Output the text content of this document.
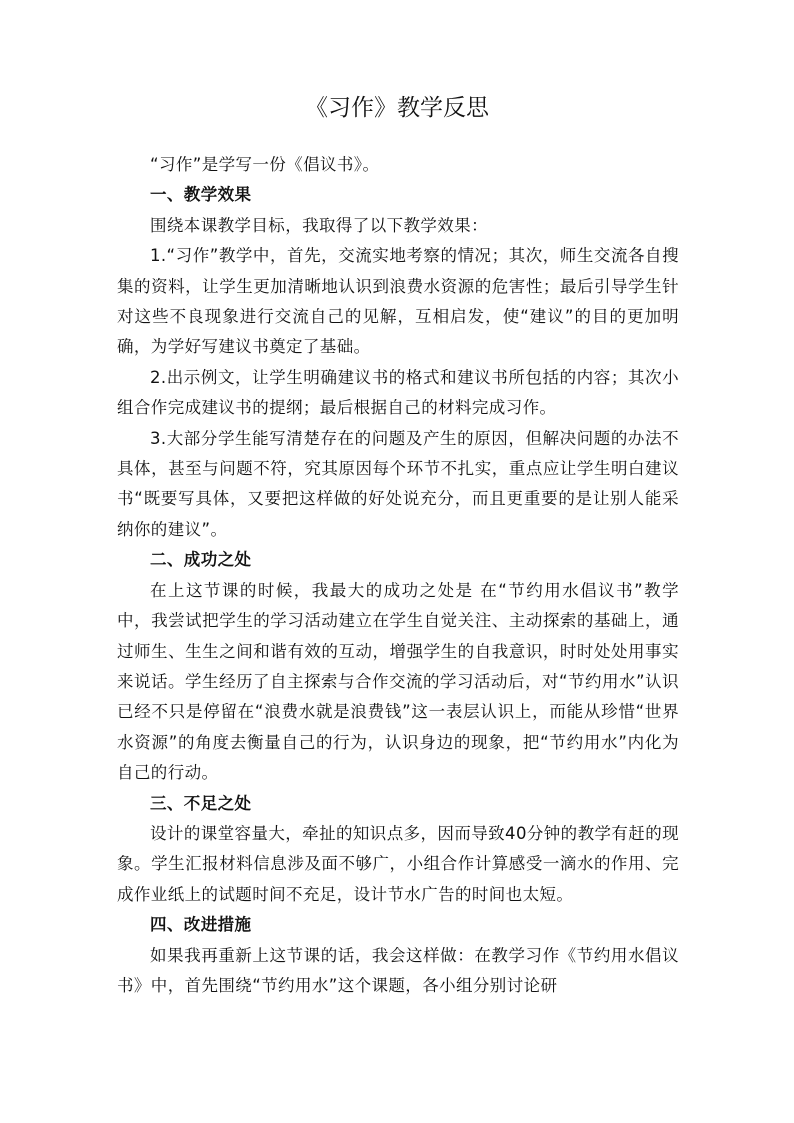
《习作》教学反思

“习作”是学写一份《倡议书》。

一、教学效果

围绕本课教学目标，我取得了以下教学效果：

1.“习作”教学中，首先，交流实地考察的情况；其次，师生交流各自搜集的资料，让学生更加清晰地认识到浪费水资源的危害性；最后引导学生针对这些不良现象进行交流自己的见解，互相启发，使“建议”的目的更加明确，为学好写建议书奠定了基础。

2.出示例文，让学生明确建议书的格式和建议书所包括的内容；其次小组合作完成建议书的提纲；最后根据自己的材料完成习作。

3.大部分学生能写清楚存在的问题及产生的原因，但解决问题的办法不具体，甚至与问题不符，究其原因每个环节不扎实，重点应让学生明白建议书“既要写具体，又要把这样做的好处说充分，而且更重要的是让别人能采纳你的建议”。

二、成功之处

在上这节课的时候，我最大的成功之处是 在“节约用水倡议书”教学中，我尝试把学生的学习活动建立在学生自觉关注、主动探索的基础上，通过师生、生生之间和谐有效的互动，增强学生的自我意识，时时处处用事实来说话。学生经历了自主探索与合作交流的学习活动后，对“节约用水”认识已经不只是停留在“浪费水就是浪费钱”这一表层认识上，而能从珍惜“世界水资源”的角度去衡量自己的行为，认识身边的现象，把“节约用水”内化为自己的行动。

三、不足之处

设计的课堂容量大，牵扯的知识点多，因而导致40分钟的教学有赶的现象。学生汇报材料信息涉及面不够广，小组合作计算感受一滴水的作用、完成作业纸上的试题时间不充足，设计节水广告的时间也太短。

四、改进措施

如果我再重新上这节课的话，我会这样做：在教学习作《节约用水倡议书》中，首先围绕“节约用水”这个课题，各小组分别讨论研
